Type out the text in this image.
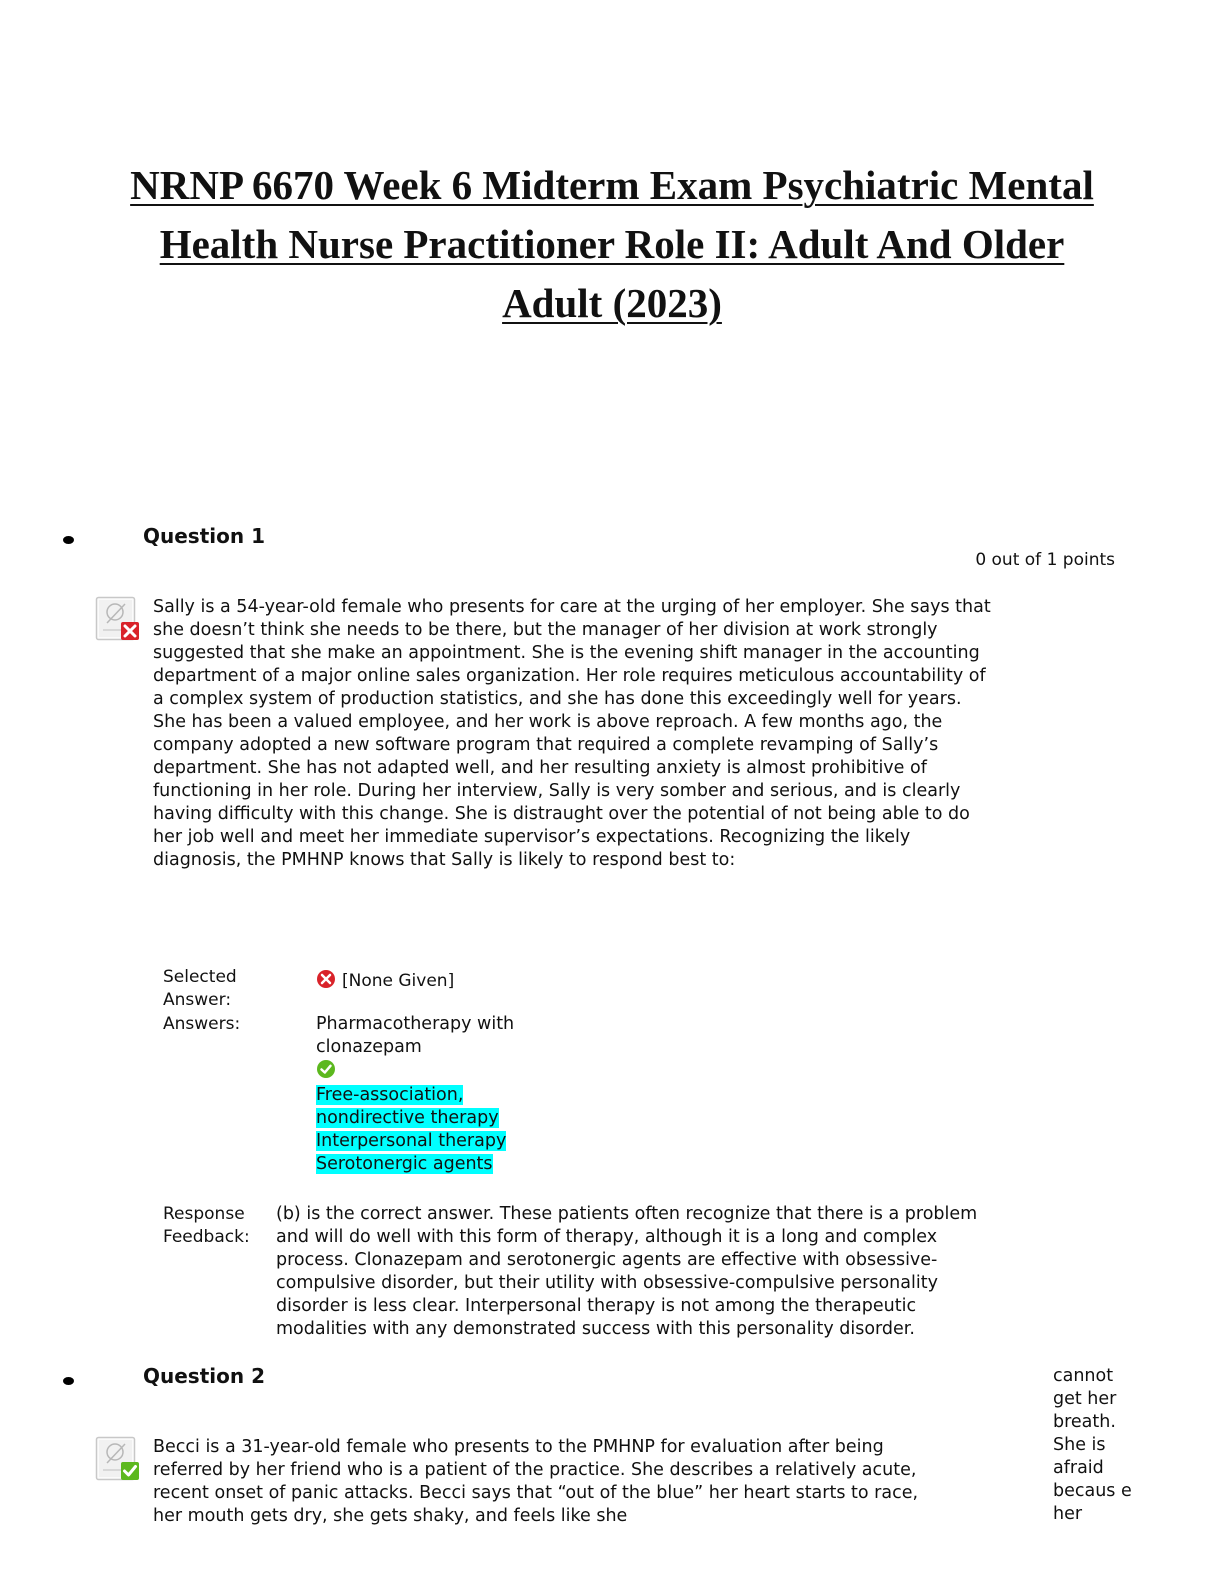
NRNP 6670 Week 6 Midterm Exam Psychiatric Mental
Health Nurse Practitioner Role II: Adult And Older
Adult (2023)
Question 1
0 out of 1 points
Sally is a 54-year-old female who presents for care at the urging of her employer. She says that she doesn’t think she needs to be there, but the manager of her division at work strongly suggested that she make an appointment. She is the evening shift manager in the accounting department of a major online sales organization. Her role requires meticulous accountability of a complex system of production statistics, and she has done this exceedingly well for years. She has been a valued employee, and her work is above reproach. A few months ago, the company adopted a new software program that required a complete revamping of Sally’s department. She has not adapted well, and her resulting anxiety is almost prohibitive of functioning in her role. During her interview, Sally is very somber and serious, and is clearly having difficulty with this change. She is distraught over the potential of not being able to do her job well and meet her immediate supervisor’s expectations. Recognizing the likely diagnosis, the PMHNP knows that Sally is likely to respond best to:
Selected Answer:
[None Given]
Answers:	Pharmacotherapy with clonazepam
Free-association, nondirective therapy
Interpersonal therapy
Serotonergic agents
Response Feedback:
(b) is the correct answer. These patients often recognize that there is a problem and will do well with this form of therapy, although it is a long and complex process. Clonazepam and serotonergic agents are effective with obsessive-compulsive disorder, but their utility with obsessive-compulsive personality disorder is less clear. Interpersonal therapy is not among the therapeutic modalities with any demonstrated success with this personality disorder.
Question 2
Becci is a 31-year-old female who presents to the PMHNP for evaluation after being referred by her friend who is a patient of the practice. She describes a relatively acute, recent onset of panic attacks. Becci says that “out of the blue” her heart starts to race, her mouth gets dry, she gets shaky, and feels like she
cannot get her breath. She is afraid becaus e her
